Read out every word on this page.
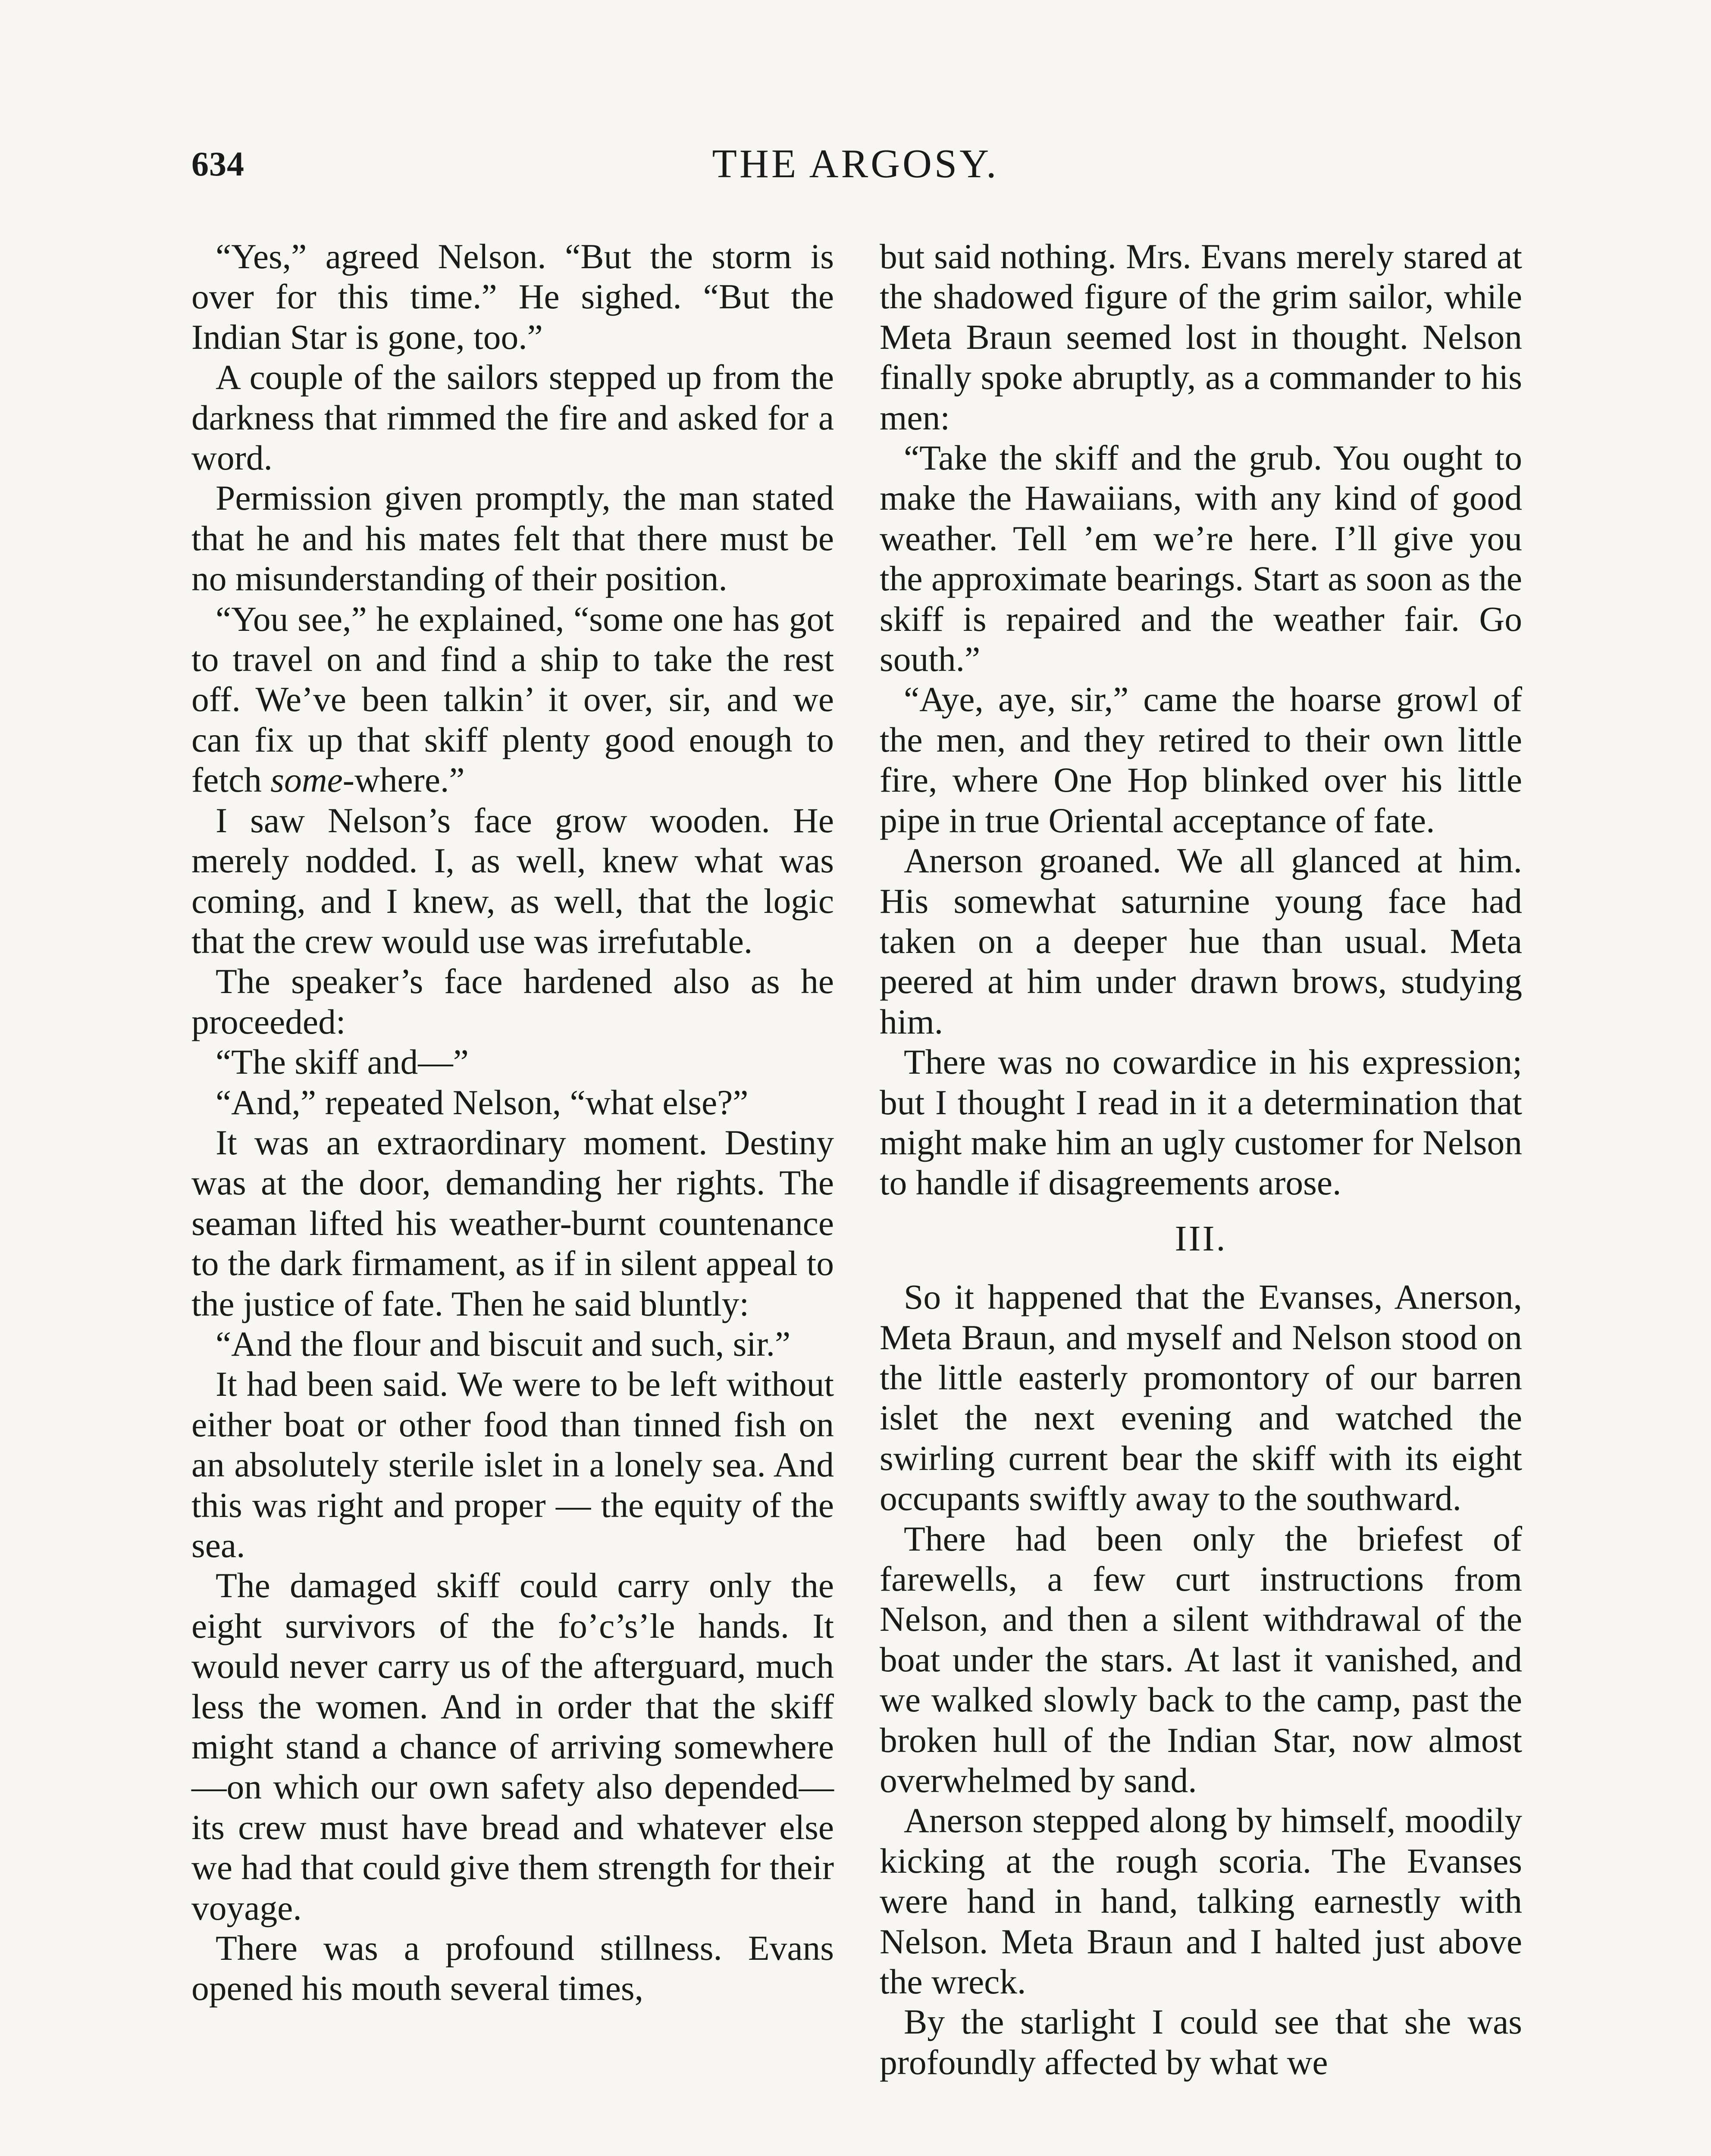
634	THE ARGOSY.

“Yes,” agreed Nelson. “But the storm is over for this time.” He sighed. “But the Indian Star is gone, too.”

A couple of the sailors stepped up from the darkness that rimmed the fire and asked for a word.

Permission given promptly, the man stated that he and his mates felt that there must be no misunderstanding of their position.

“You see,” he explained, “some one has got to travel on and find a ship to take the rest off. We’ve been talkin’ it over, sir, and we can fix up that skiff plenty good enough to fetch some-where.”

I saw Nelson’s face grow wooden. He merely nodded. I, as well, knew what was coming, and I knew, as well, that the logic that the crew would use was irrefutable.

The speaker’s face hardened also as he proceeded:

“The skiff and—”

“And,” repeated Nelson, “what else?”

It was an extraordinary moment. Destiny was at the door, demanding her rights. The seaman lifted his weather-burnt countenance to the dark firmament, as if in silent appeal to the justice of fate. Then he said bluntly:

“And the flour and biscuit and such, sir.”

It had been said. We were to be left without either boat or other food than tinned fish on an absolutely sterile islet in a lonely sea. And this was right and proper — the equity of the sea.

The damaged skiff could carry only the eight survivors of the fo’c’s’le hands. It would never carry us of the afterguard, much less the women. And in order that the skiff might stand a chance of arriving somewhere—on which our own safety also depended—its crew must have bread and whatever else we had that could give them strength for their voyage.

There was a profound stillness. Evans opened his mouth several times,

but said nothing. Mrs. Evans merely stared at the shadowed figure of the grim sailor, while Meta Braun seemed lost in thought. Nelson finally spoke abruptly, as a commander to his men:

“Take the skiff and the grub. You ought to make the Hawaiians, with any kind of good weather. Tell ’em we’re here. I’ll give you the approximate bearings. Start as soon as the skiff is repaired and the weather fair. Go south.”

“Aye, aye, sir,” came the hoarse growl of the men, and they retired to their own little fire, where One Hop blinked over his little pipe in true Oriental acceptance of fate.

Anerson groaned. We all glanced at him. His somewhat saturnine young face had taken on a deeper hue than usual. Meta peered at him under drawn brows, studying him.

There was no cowardice in his expression; but I thought I read in it a determination that might make him an ugly customer for Nelson to handle if disagreements arose.

III.

So it happened that the Evanses, Anerson, Meta Braun, and myself and Nelson stood on the little easterly promontory of our barren islet the next evening and watched the swirling current bear the skiff with its eight occupants swiftly away to the southward.

There had been only the briefest of farewells, a few curt instructions from Nelson, and then a silent withdrawal of the boat under the stars. At last it vanished, and we walked slowly back to the camp, past the broken hull of the Indian Star, now almost overwhelmed by sand.

Anerson stepped along by himself, moodily kicking at the rough scoria. The Evanses were hand in hand, talking earnestly with Nelson. Meta Braun and I halted just above the wreck.

By the starlight I could see that she was profoundly affected by what we
